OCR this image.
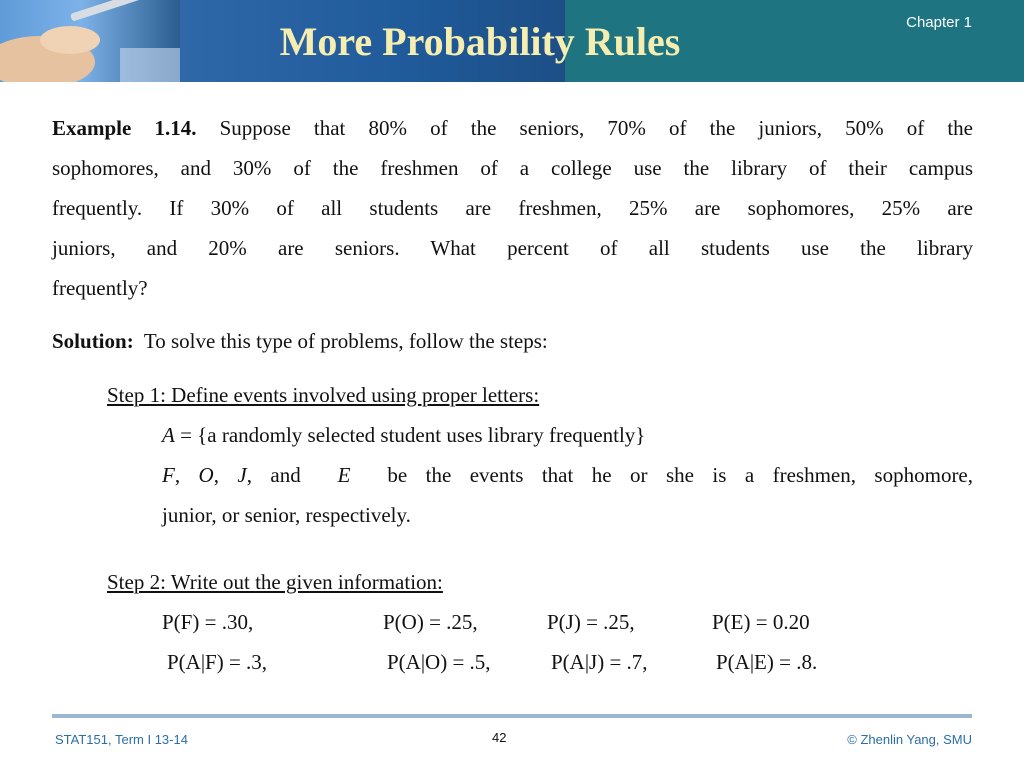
More Probability Rules	Chapter 1
Example 1.14. Suppose that 80% of the seniors, 70% of the juniors, 50% of the
sophomores, and 30% of the freshmen of a college use the library of their campus
frequently. If 30% of all students are freshmen, 25% are sophomores, 25% are
juniors, and 20% are seniors. What percent of all students use the library
frequently?
Solution: To solve this type of problems, follow the steps:
Step 1: Define events involved using proper letters:
A = {a randomly selected student uses library frequently}
F, O, J, and  E be the events that he or she is a freshmen, sophomore,
junior, or senior, respectively.
Step 2: Write out the given information:
P(F) = .30,	P(O) = .25,	P(J) = .25,	P(E) = 0.20
P(A|F) = .3,	P(A|O) = .5,	P(A|J) = .7,	P(A|E) = .8.
STAT151, Term I 13-14	42	© Zhenlin Yang, SMU
